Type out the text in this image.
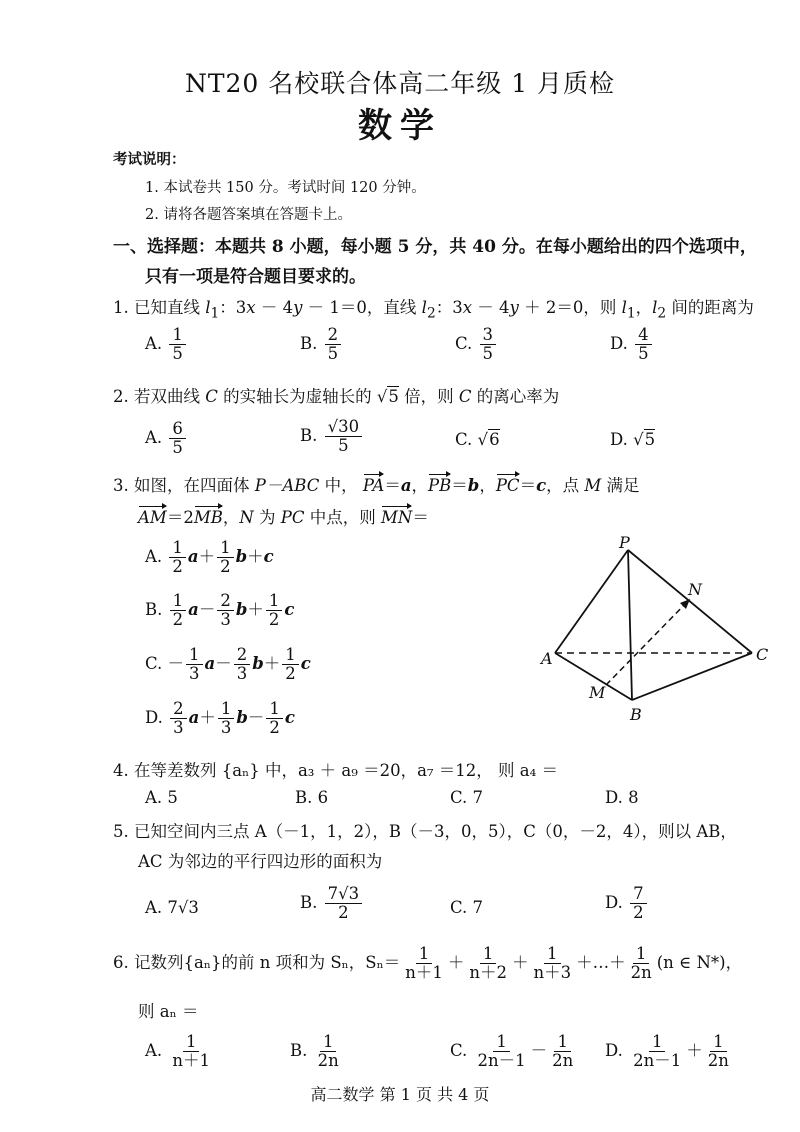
NT20 名校联合体高二年级 1 月质检
数学
考试说明：
1. 本试卷共 150 分。考试时间 120 分钟。
2. 请将各题答案填在答题卡上。
一、选择题：本题共 8 小题，每小题 5 分，共 40 分。在每小题给出的四个选项中，
只有一项是符合题目要求的。
1. 已知直线 $l_1$：3x － 4y － 1＝0，直线 $l_2$：3x － 4y ＋ 2＝0，则 $l_1$，$l_2$ 间的距离为
A. $\frac{1}{5}$	B. $\frac{2}{5}$	C. $\frac{3}{5}$	D. $\frac{4}{5}$
2. 若双曲线 C 的实轴长为虚轴长的 √5 倍，则 C 的离心率为
A. $\frac{6}{5}$	B. $\frac{√30}{5}$	C. √6	D. √5
3. 如图，在四面体 P－ABC 中， PA＝a，PB＝b，PC＝c，点 M 满足
AM＝2MB，N 为 PC 中点，则 MN＝
A. $\frac{1}{2} a+ \frac{1}{2} b+c$
B. $\frac{1}{2} a- \frac{2}{3} b+ \frac{1}{2}$ c
C. － $\frac{1}{3} a- \frac{2}{3} b+ \frac{1}{2}$ c
D. $\frac{2}{3} a+ \frac{1}{3} b- \frac{1}{2}$ c
P
A
B
C
M
N
4. 在等差数列 {aₙ} 中，a₃ ＋ a₉ ＝20，a₇ ＝12， 则 a₄ ＝
A. 5	B. 6	C. 7	D. 8
5. 已知空间内三点 A（－1，1，2），B（－3，0，5），C（0，－2，4），则以 AB，
AC 为邻边的平行四边形的面积为
A. 7√3	B. $\frac{7√3}{2}$	C. 7	D. $\frac{7}{2}$
6. 记数列{aₙ}的前 n 项和为 Sₙ，$S_n= \frac{1}{n+1} + \frac{1}{n+2} + \frac{1}{n+3}$ ＋…＋ $\frac{1}{2n} (n$ ∈ N*)，
则 aₙ ＝
A. $\frac{1}{n+1}$	B. $\frac{1}{2n}$	C. $\frac{1}{2n-1} - \frac{1}{2n} D$. $\frac{1}{2n-1} + \frac{1}{2n}$
高二数学 第 1 页 共 4 页
